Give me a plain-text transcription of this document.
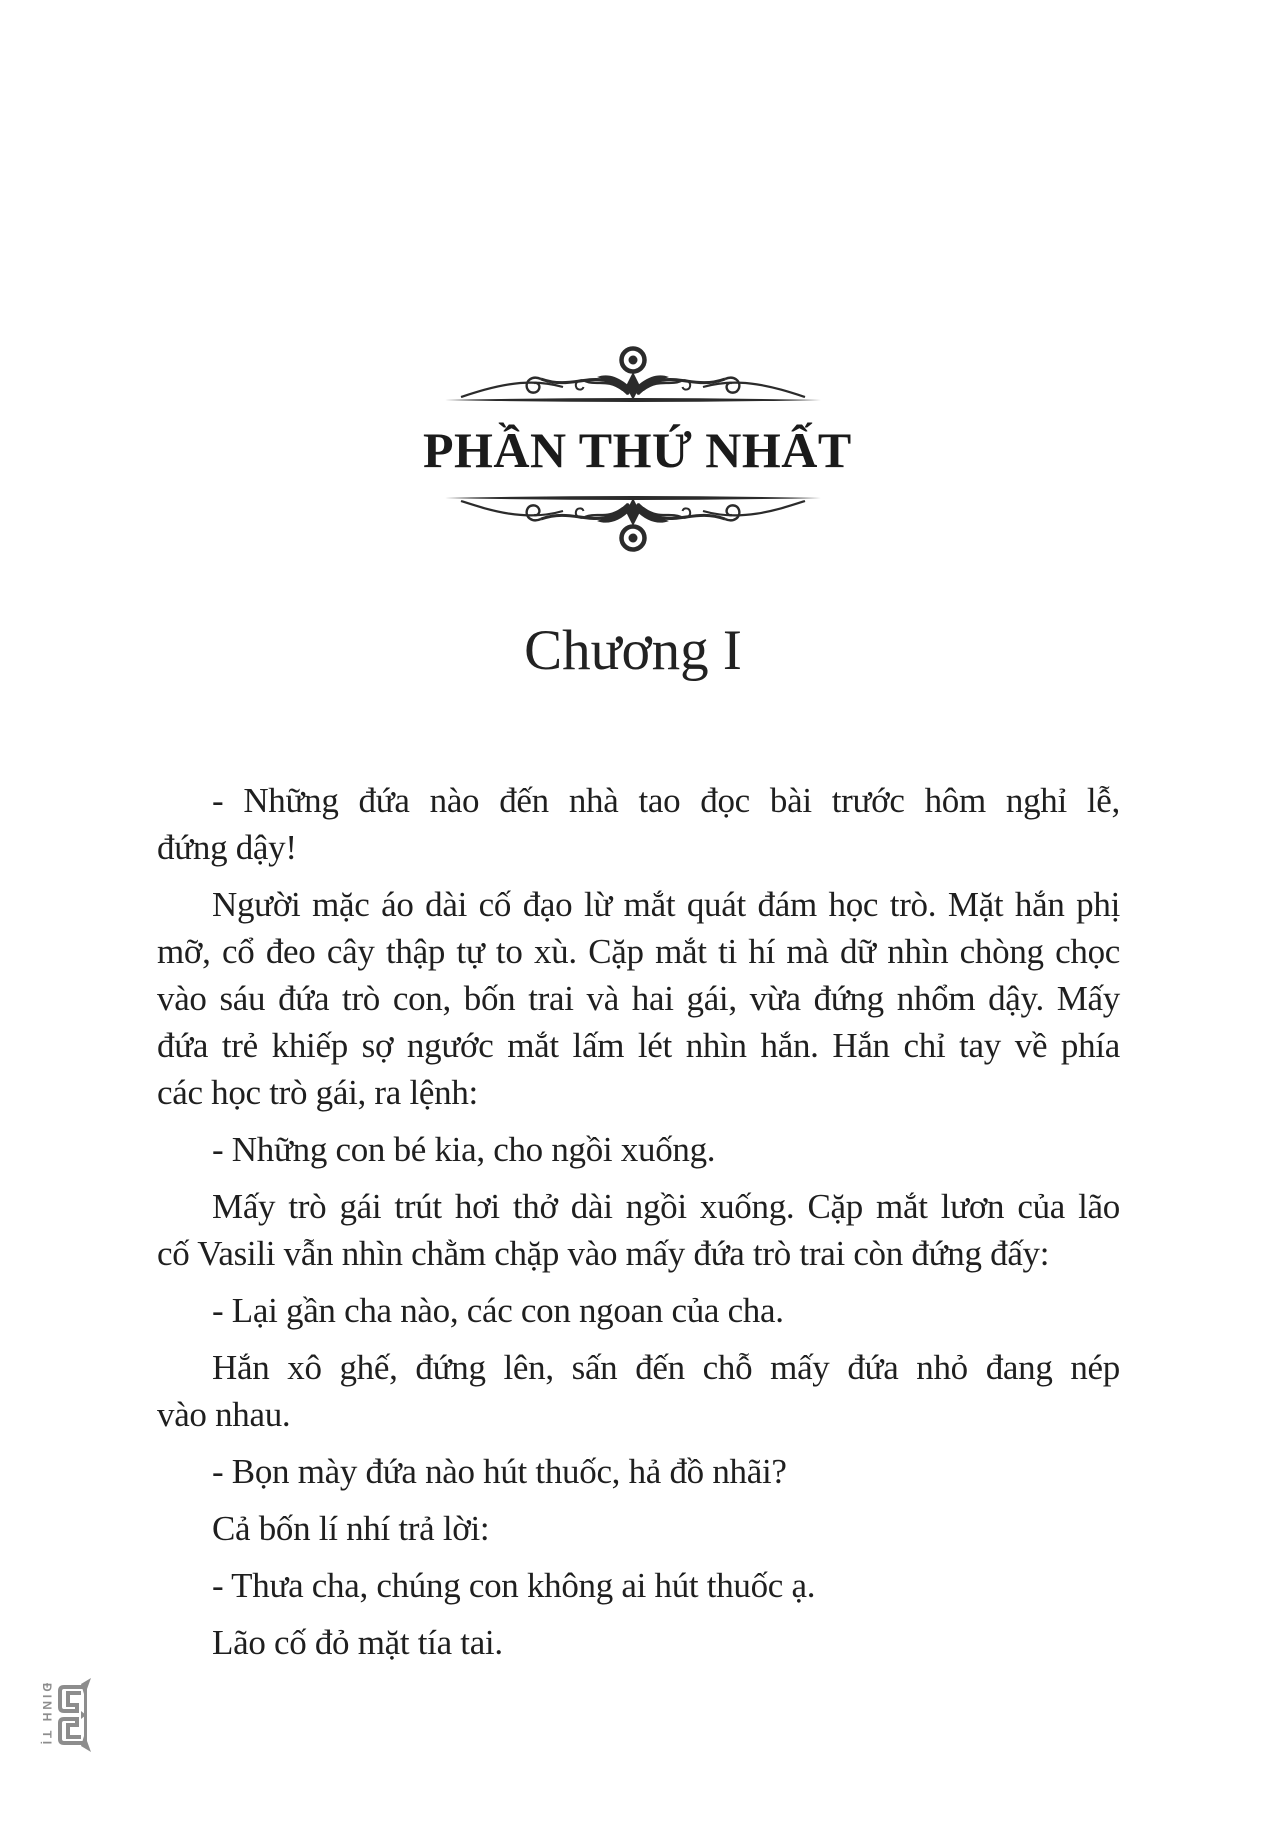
PHẦN THỨ NHẤT
Chương I
- Những đứa nào đến nhà tao đọc bài trước hôm nghỉ lễ,
đứng dậy!
Người mặc áo dài cố đạo lừ mắt quát đám học trò. Mặt hắn phị
mỡ, cổ đeo cây thập tự to xù. Cặp mắt ti hí mà dữ nhìn chòng chọc
vào sáu đứa trò con, bốn trai và hai gái, vừa đứng nhổm dậy. Mấy
đứa trẻ khiếp sợ ngước mắt lấm lét nhìn hắn. Hắn chỉ tay về phía
các học trò gái, ra lệnh:
- Những con bé kia, cho ngồi xuống.
Mấy trò gái trút hơi thở dài ngồi xuống. Cặp mắt lươn của lão
cố Vasili vẫn nhìn chằm chặp vào mấy đứa trò trai còn đứng đấy:
- Lại gần cha nào, các con ngoan của cha.
Hắn xô ghế, đứng lên, sấn đến chỗ mấy đứa nhỏ đang nép
vào nhau.
- Bọn mày đứa nào hút thuốc, hả đồ nhãi?
Cả bốn lí nhí trả lời:
- Thưa cha, chúng con không ai hút thuốc ạ.
Lão cố đỏ mặt tía tai.
ĐINH TỊ
